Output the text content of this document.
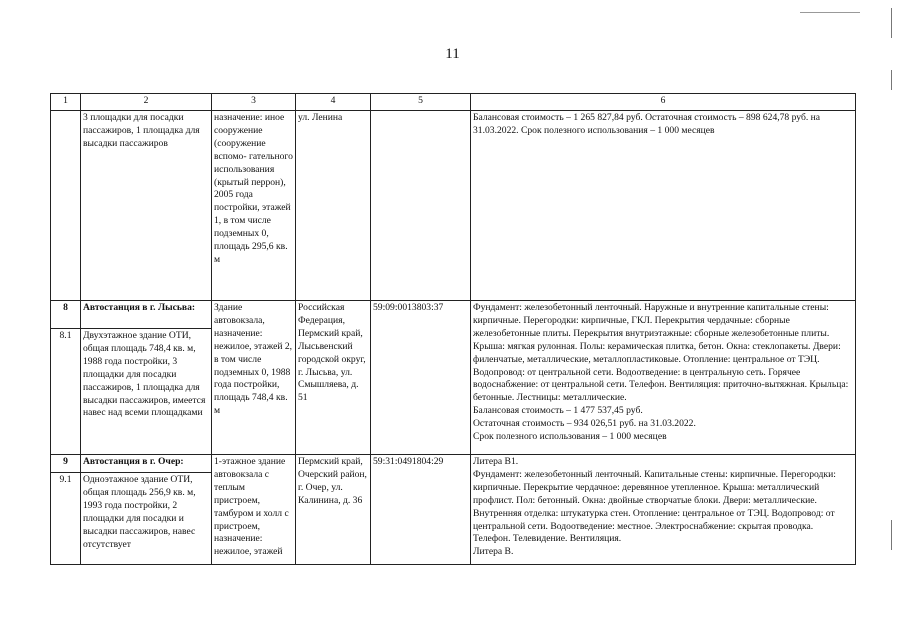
11
1	2	3	4	5	6
	3 площадки для посадки пассажиров, 1 площадка для высадки пассажиров	назначение: иное сооружение (сооружение вспомо- гательного использования (крытый перрон), 2005 года постройки, этажей 1, в том числе подземных 0, площадь 295,6 кв. м	ул. Ленина		Балансовая стоимость – 1 265 827,84 руб. Остаточная стоимость – 898 624,78 руб. на 31.03.2022. Срок полезного использования – 1 000 месяцев
8	Автостанция в г. Лысьва:	Здание автовокзала, назначение: нежилое, этажей 2, в том числе подземных 0, 1988 года постройки, площадь 748,4 кв. м	Российская Федерация, Пермский край, Лысьвенский городской округ, г. Лысьва, ул. Смышляева, д. 51	59:09:0013803:37	Фундамент: железобетонный ленточный. Наружные и внутренние капитальные стены: кирпичные. Перегородки: кирпичные, ГКЛ. Перекрытия чердачные: сборные железобетонные плиты. Перекрытия внутриэтажные: сборные железобетонные плиты. Крыша: мягкая рулонная. Полы: керамическая плитка, бетон. Окна: стеклопакеты. Двери: филенчатые, металлические, металлопластиковые. Отопление: центральное от ТЭЦ. Водопровод: от центральной сети. Водоотведение: в центральную сеть. Горячее водоснабжение: от центральной сети. Телефон. Вентиляция: приточно-вытяжная. Крыльца: бетонные. Лестницы: металлические.
Балансовая стоимость – 1 477 537,45 руб.
Остаточная стоимость – 934 026,51 руб. на 31.03.2022.
Срок полезного использования – 1 000 месяцев

8.1	Двухэтажное здание ОТИ, общая площадь 748,4 кв. м, 1988 года постройки, 3 площадки для посадки пассажиров, 1 площадка для высадки пассажиров, имеется навес над всеми площадками				
9	Автостанция в г. Очер:	1-этажное здание автовокзала с теплым пристроем, тамбуром и холл с пристроем, назначение: нежилое, этажей	Пермский край, Очерский район, г. Очер, ул. Калинина, д. 36	59:31:0491804:29	Литера В1.
Фундамент: железобетонный ленточный. Капитальные стены: кирпичные. Перегородки: кирпичные. Перекрытие чердачное: деревянное утепленное. Крыша: металлический профлист. Пол: бетонный. Окна: двойные створчатые блоки. Двери: металлические. Внутренняя отделка: штукатурка стен. Отопление: центральное от ТЭЦ. Водопровод: от центральной сети. Водоотведение: местное. Электроснабжение: скрытая проводка. Телефон. Телевидение. Вентиляция.
Литера В.

9.1	Одноэтажное здание ОТИ, общая площадь 256,9 кв. м, 1993 года постройки, 2 площадки для посадки и высадки пассажиров, навес отсутствует				
